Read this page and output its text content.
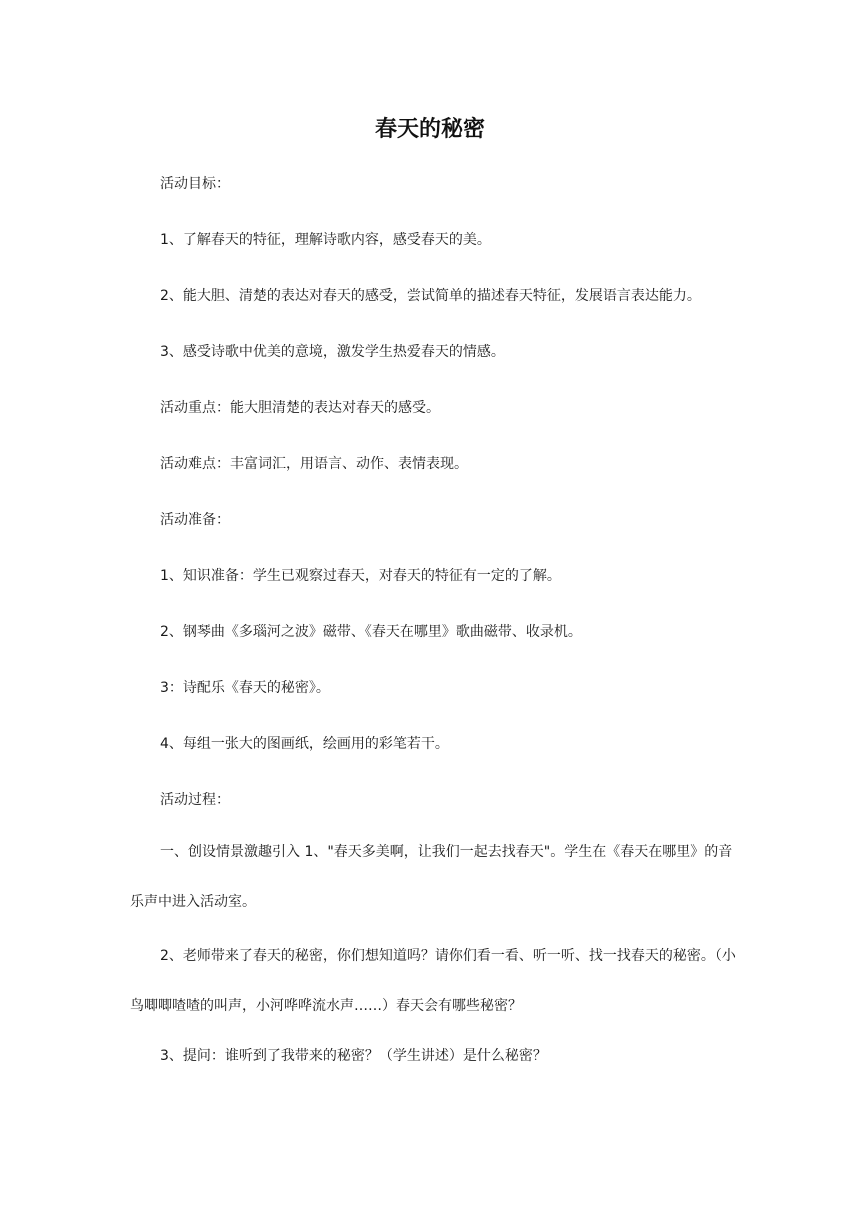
春天的秘密

活动目标：

1、了解春天的特征，理解诗歌内容，感受春天的美。

2、能大胆、清楚的表达对春天的感受，尝试简单的描述春天特征，发展语言表达能力。

3、感受诗歌中优美的意境，激发学生热爱春天的情感。

活动重点：能大胆清楚的表达对春天的感受。

活动难点：丰富词汇，用语言、动作、表情表现。

活动准备：

1、知识准备：学生已观察过春天，对春天的特征有一定的了解。

2、钢琴曲《多瑙河之波》磁带、《春天在哪里》歌曲磁带、收录机。

3：诗配乐《春天的秘密》。

4、每组一张大的图画纸，绘画用的彩笔若干。

活动过程：

一、创设情景激趣引入 1、"春天多美啊，让我们一起去找春天"。学生在《春天在哪里》的音乐声中进入活动室。

2、老师带来了春天的秘密，你们想知道吗？请你们看一看、听一听、找一找春天的秘密。（小鸟唧唧喳喳的叫声，小河哗哗流水声……）春天会有哪些秘密？

3、提问：谁听到了我带来的秘密？（学生讲述）是什么秘密？
